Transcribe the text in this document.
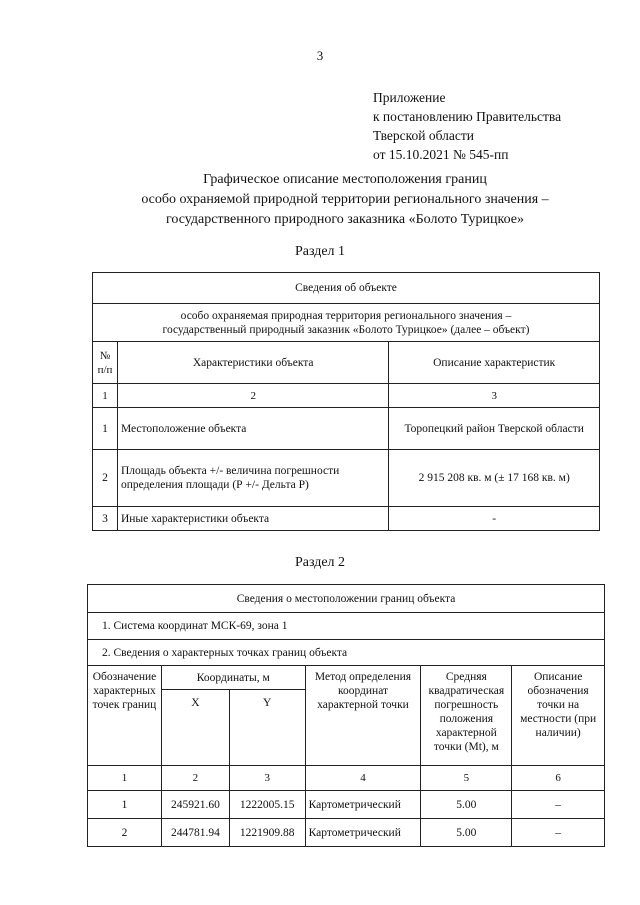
3
Приложение
к постановлению Правительства
Тверской области
от 15.10.2021 № 545-пп
Графическое описание местоположения границ
особо охраняемой природной территории регионального значения –
государственного природного заказника «Болото Турицкое»
Раздел 1
Сведения об объекте		

особо охраняемая природная территория регионального значения –
государственный природный заказник «Болото Турицкое» (далее – объект)		

№ п/п	Характеристики объекта	Описание характеристик
1	2	3
1	Местоположение объекта	Торопецкий район Тверской области
2	Площадь объекта +/- величина погрешности определения площади (Р +/- Дельта Р)	2 915 208 кв. м (± 17 168 кв. м)
3	Иные характеристики объекта	-
Раздел 2
Сведения о местоположении границ объекта					
1. Система координат МСК-69, зона 1					
2. Сведения о характерных точках границ объекта					
Обозначение характерных точек границ	Координаты, м		Метод определения координат характерной точки	Средняя квадратическая погрешность положения характерной точки (Mt), м	Описание обозначения точки на местности (при наличии)
	X	Y			
1	2	3	4	5	6
1	245921.60	1222005.15	Картометрический	5.00	–
2	244781.94	1221909.88	Картометрический	5.00	–
